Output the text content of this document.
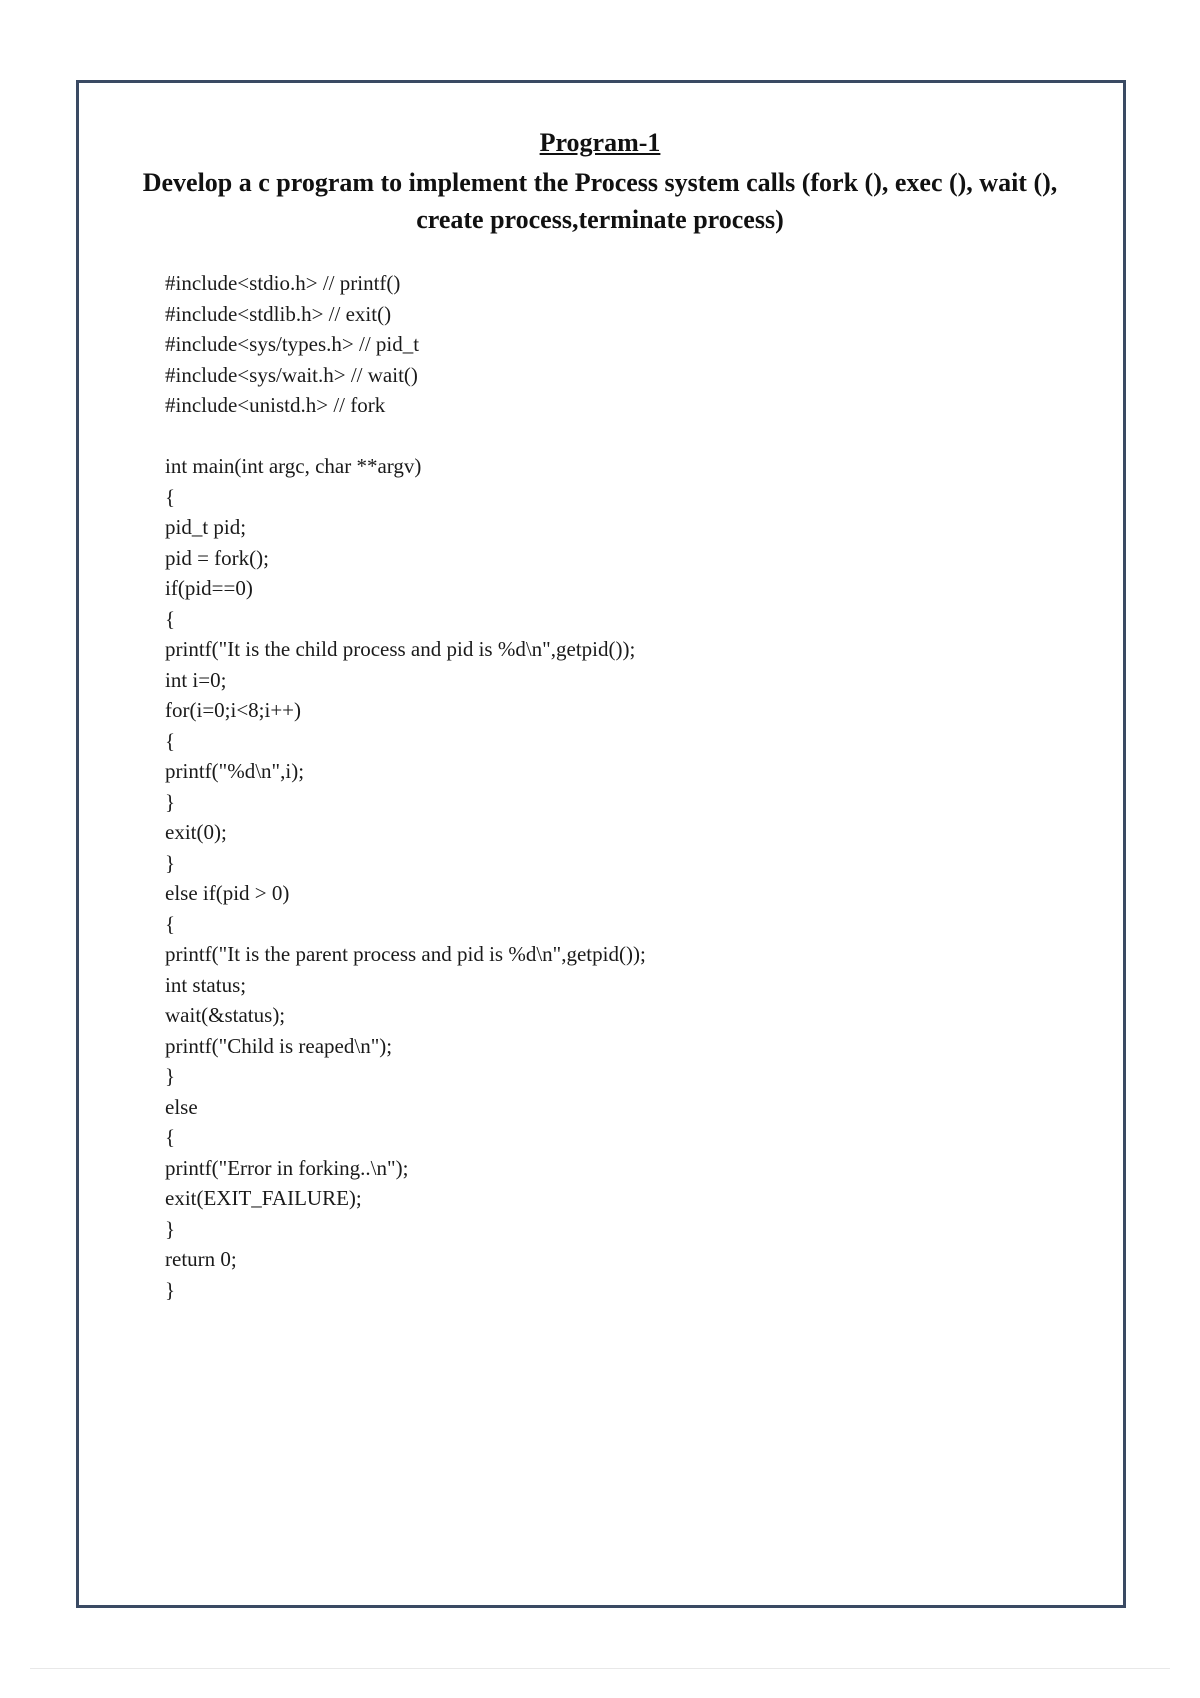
Program-1
Develop a c program to implement the Process system calls (fork (), exec (), wait (),
create process,terminate process)
#include<stdio.h> // printf()
#include<stdlib.h> // exit()
#include<sys/types.h> // pid_t
#include<sys/wait.h> // wait()
#include<unistd.h> // fork
int main(int argc, char **argv)
{
pid_t pid;
pid = fork();
if(pid==0)
{
printf("It is the child process and pid is %d\n",getpid());
int i=0;
for(i=0;i<8;i++)
{
printf("%d\n",i);
}
exit(0);
}
else if(pid > 0)
{
printf("It is the parent process and pid is %d\n",getpid());
int status;
wait(&status);
printf("Child is reaped\n");
}
else
{
printf("Error in forking..\n");
exit(EXIT_FAILURE);
}
return 0;
}
